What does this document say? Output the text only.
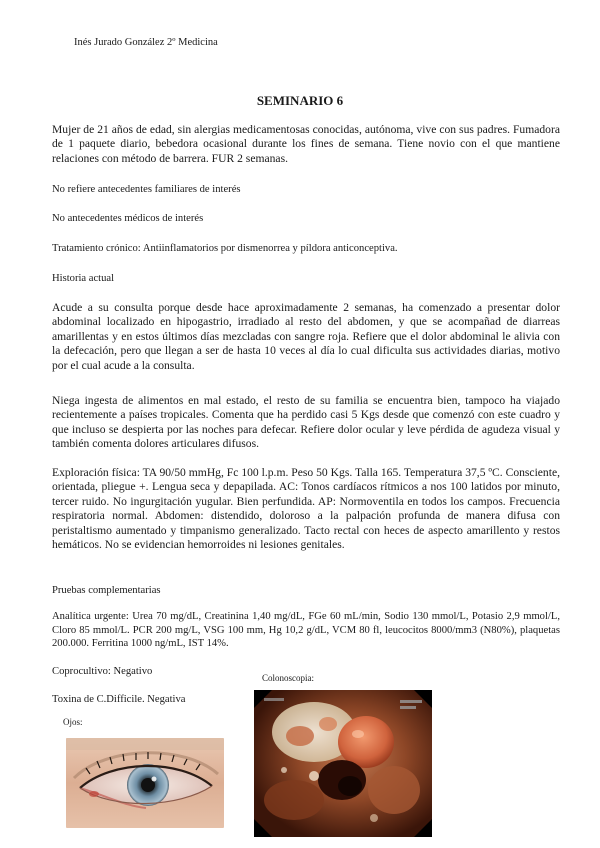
Inés Jurado González 2º Medicina
SEMINARIO 6
Mujer de 21 años de edad, sin alergias medicamentosas conocidas, autónoma, vive con sus padres. Fumadora de 1 paquete diario, bebedora ocasional durante los fines de semana. Tiene novio con el que mantiene relaciones con método de barrera. FUR 2 semanas.
No refiere antecedentes familiares de interés
No antecedentes médicos de interés
Tratamiento crónico: Antiinflamatorios por dismenorrea y píldora anticonceptiva.
Historia actual
Acude a su consulta porque desde hace aproximadamente 2 semanas, ha comenzado a presentar dolor abdominal localizado en hipogastrio, irradiado al resto del abdomen, y que se acompañad de diarreas amarillentas y en estos últimos días mezcladas con sangre roja. Refiere que el dolor abdominal le alivia con la defecación, pero que llegan a ser de hasta 10 veces al día lo cual dificulta sus actividades diarias, motivo por el cual acude a la consulta.
Niega ingesta de alimentos en mal estado, el resto de su familia se encuentra bien, tampoco ha viajado recientemente a países tropicales. Comenta que ha perdido casi 5 Kgs desde que comenzó con este cuadro y que incluso se despierta por las noches para defecar. Refiere dolor ocular y leve pérdida de agudeza visual y también comenta dolores articulares difusos.
Exploración física: TA 90/50 mmHg, Fc 100 l.p.m. Peso 50 Kgs. Talla 165. Temperatura 37,5 ºC. Consciente, orientada, pliegue +. Lengua seca y depapilada. AC: Tonos cardíacos rítmicos a nos 100 latidos por minuto, tercer ruido. No ingurgitación yugular. Bien perfundida. AP: Normoventila en todos los campos. Frecuencia respiratoria normal. Abdomen: distendido, doloroso a la palpación profunda de manera difusa con peristaltismo aumentado y timpanismo generalizado. Tacto rectal con heces de aspecto amarillento y restos hemáticos. No se evidencian hemorroides ni lesiones genitales.
Pruebas complementarias
Analítica urgente: Urea 70 mg/dL, Creatinina 1,40 mg/dL, FGe 60 mL/min, Sodio 130 mmol/L, Potasio 2,9 mmol/L, Cloro 85 mmol/L. PCR 200 mg/L, VSG 100 mm, Hg 10,2 g/dL, VCM 80 fl, leucocitos 8000/mm3 (N80%), plaquetas 200.000. Ferritina 1000 ng/mL, IST 14%.
Coprocultivo: Negativo
Toxina de C.Difficile. Negativa
Ojos:
Colonoscopia:
